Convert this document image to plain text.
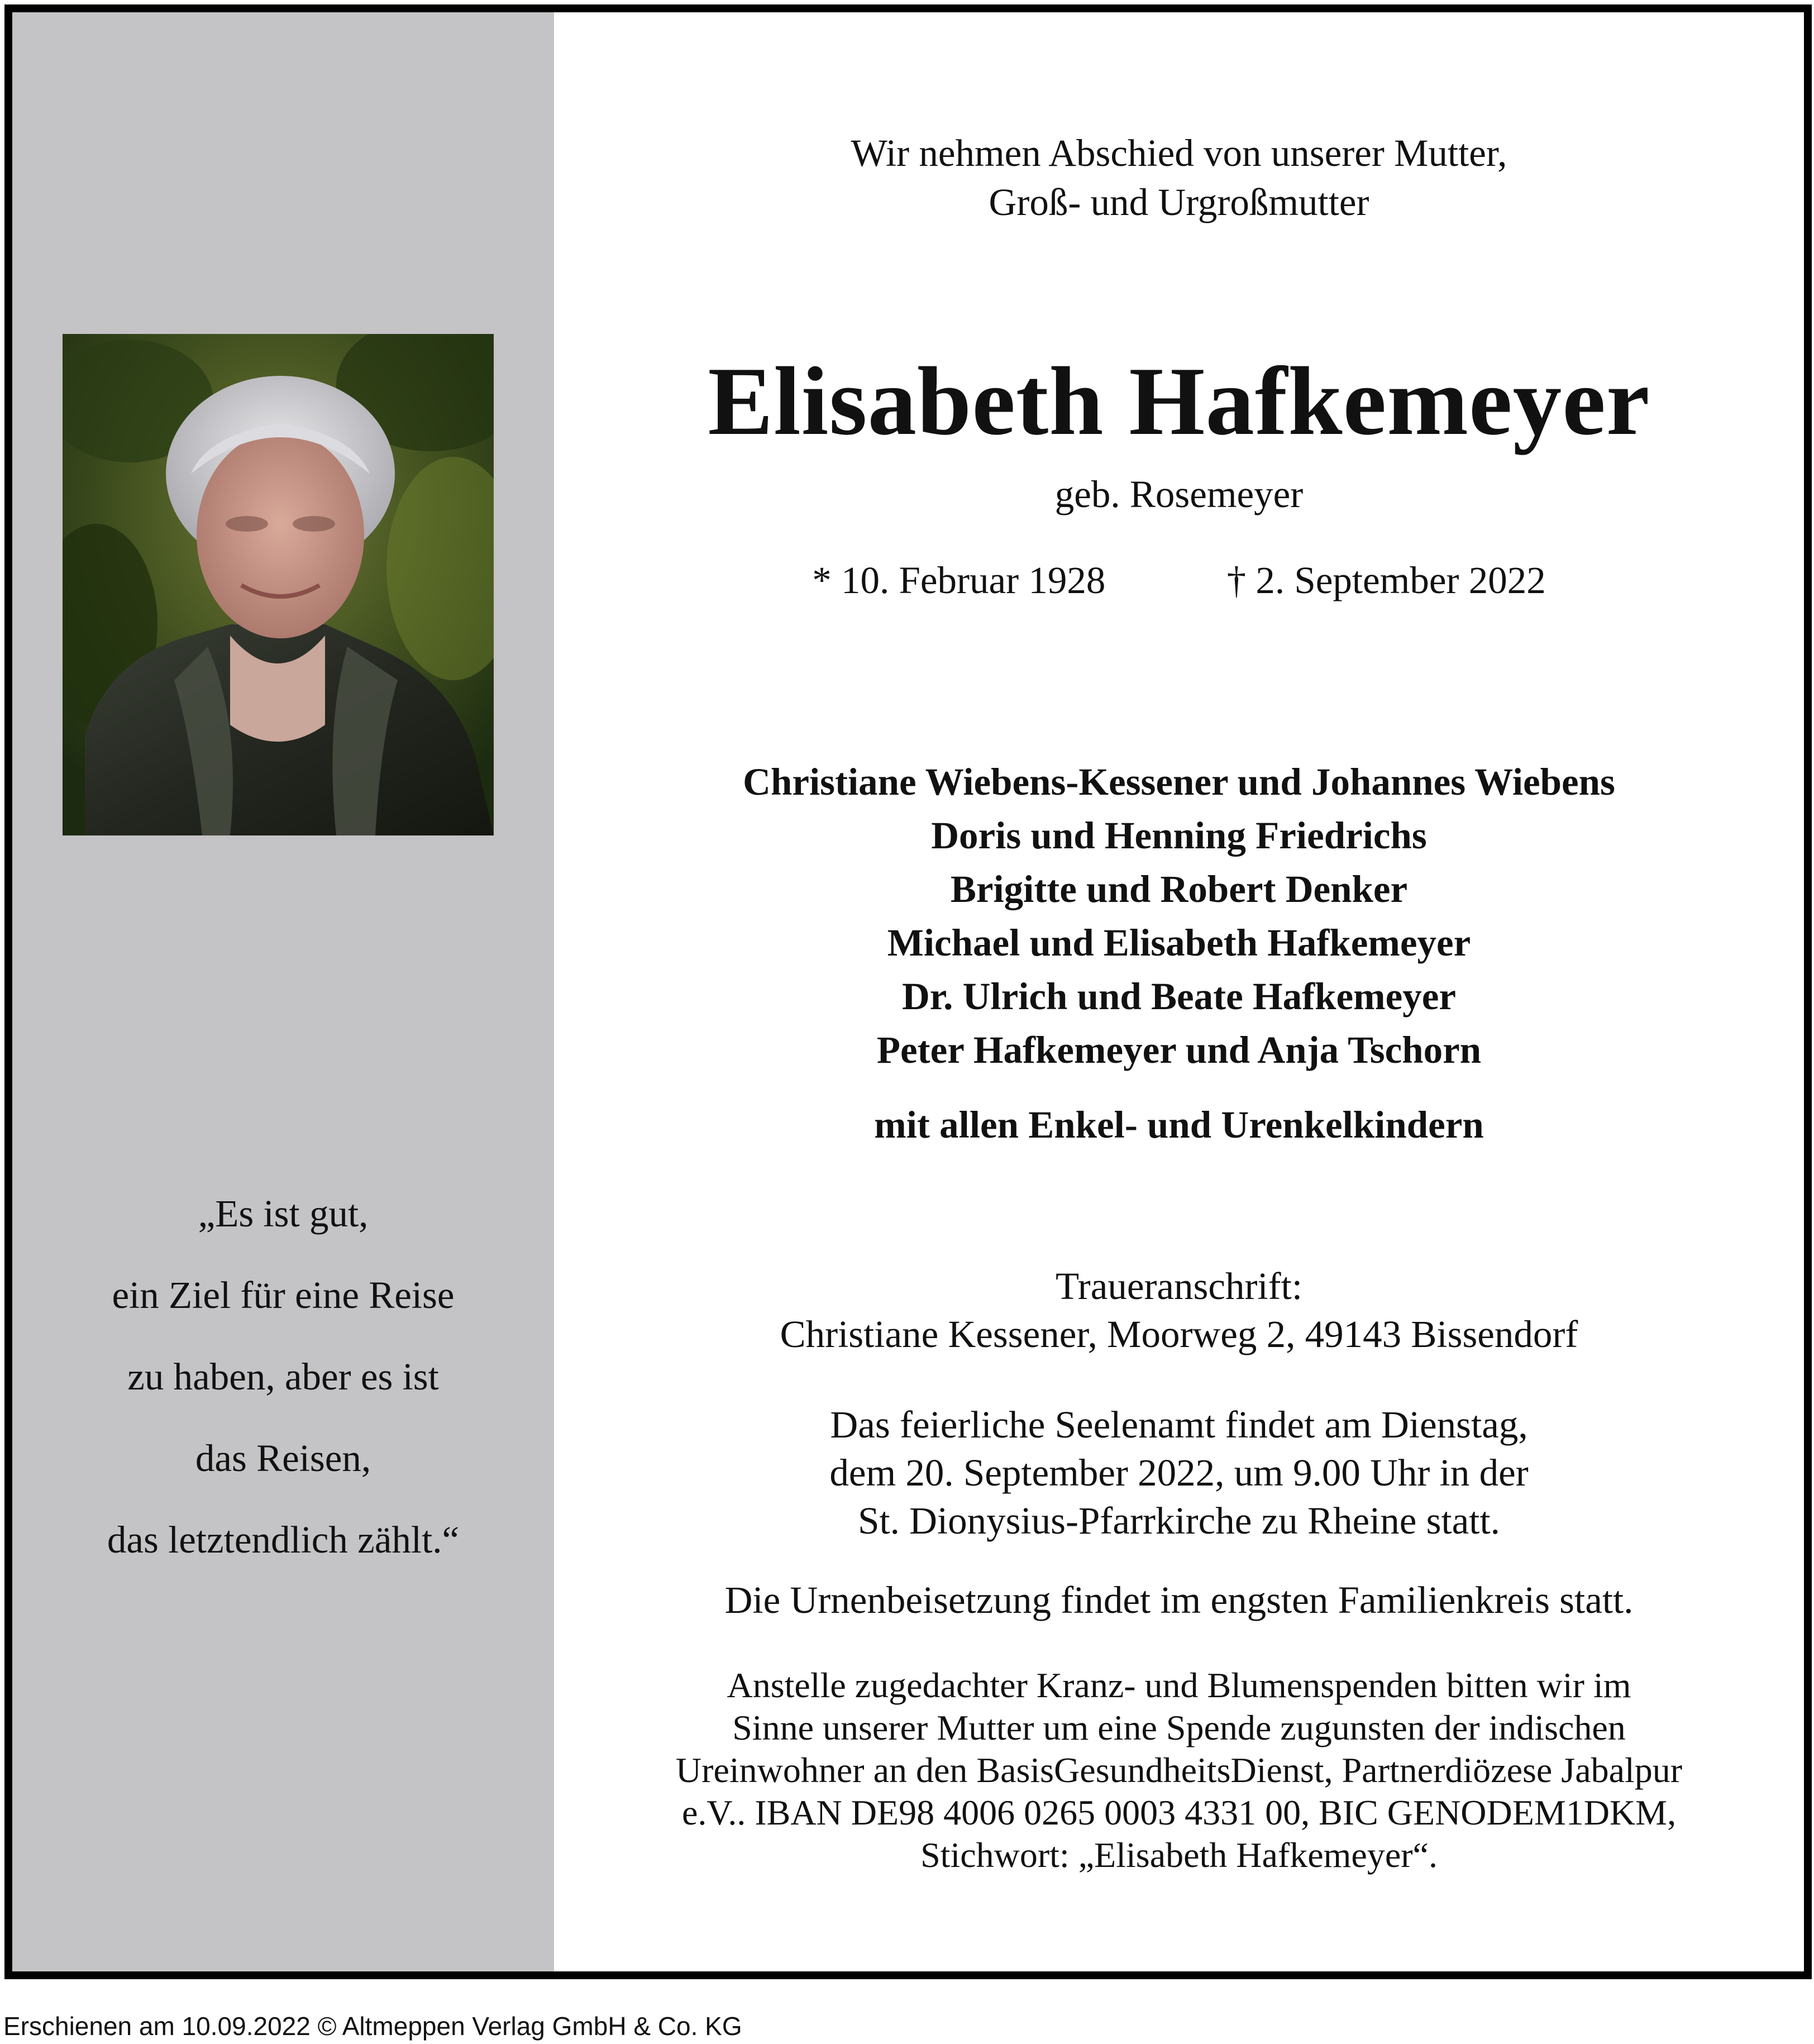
„Es ist gut,
ein Ziel für eine Reise
zu haben, aber es ist
das Reisen,
das letztendlich zählt.“
Wir nehmen Abschied von unserer Mutter,
Groß- und Urgroßmutter
Elisabeth Hafkemeyer
geb. Rosemeyer
* 10. Februar 1928	† 2. September 2022
Christiane Wiebens-Kessener und Johannes Wiebens
Doris und Henning Friedrichs
Brigitte und Robert Denker
Michael und Elisabeth Hafkemeyer
Dr. Ulrich und Beate Hafkemeyer
Peter Hafkemeyer und Anja Tschorn
mit allen Enkel- und Urenkelkindern
Traueranschrift:
Christiane Kessener, Moorweg 2, 49143 Bissendorf
Das feierliche Seelenamt findet am Dienstag,
dem 20. September 2022, um 9.00 Uhr in der
St. Dionysius-Pfarrkirche zu Rheine statt.
Die Urnenbeisetzung findet im engsten Familienkreis statt.
Anstelle zugedachter Kranz- und Blumenspenden bitten wir im
Sinne unserer Mutter um eine Spende zugunsten der indischen
Ureinwohner an den BasisGesundheitsDienst, Partnerdiözese Jabalpur
e.V.. IBAN DE98 4006 0265 0003 4331 00, BIC GENODEM1DKM,
Stichwort: „Elisabeth Hafkemeyer“.
Erschienen am 10.09.2022 © Altmeppen Verlag GmbH & Co. KG
